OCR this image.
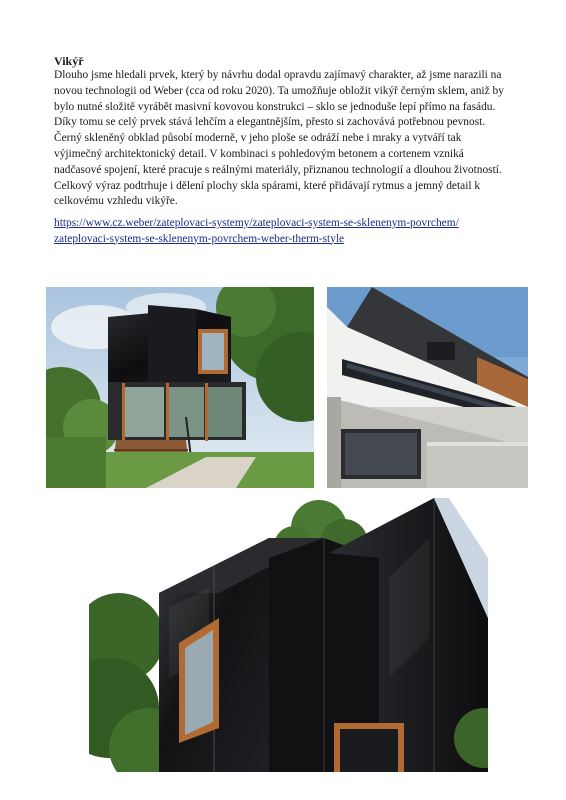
Vikýř
Dlouho jsme hledali prvek, který by návrhu dodal opravdu zajímavý charakter, až jsme narazili na
novou technologii od Weber (cca od roku 2020). Ta umožňuje obložit vikýř černým sklem, aniž by
bylo nutné složitě vyrábět masivní kovovou konstrukci – sklo se jednoduše lepí přímo na fasádu.
Díky tomu se celý prvek stává lehčím a elegantnějším, přesto si zachovává potřebnou pevnost.
Černý skleněný obklad působí moderně, v jeho ploše se odráží nebe i mraky a vytváří tak
výjimečný architektonický detail. V kombinaci s pohledovým betonem a cortenem vzniká
nadčasové spojení, které pracuje s reálnými materiály, přiznanou technologií a dlouhou životností.
Celkový výraz podtrhuje i dělení plochy skla spárami, které přidávají rytmus a jemný detail k
celkovému vzhledu vikýře.
https://www.cz.weber/zateplovaci-systemy/zateplovaci-system-se-sklenenym-povrchem/
zateplovaci-system-se-sklenenym-povrchem-weber-therm-style
